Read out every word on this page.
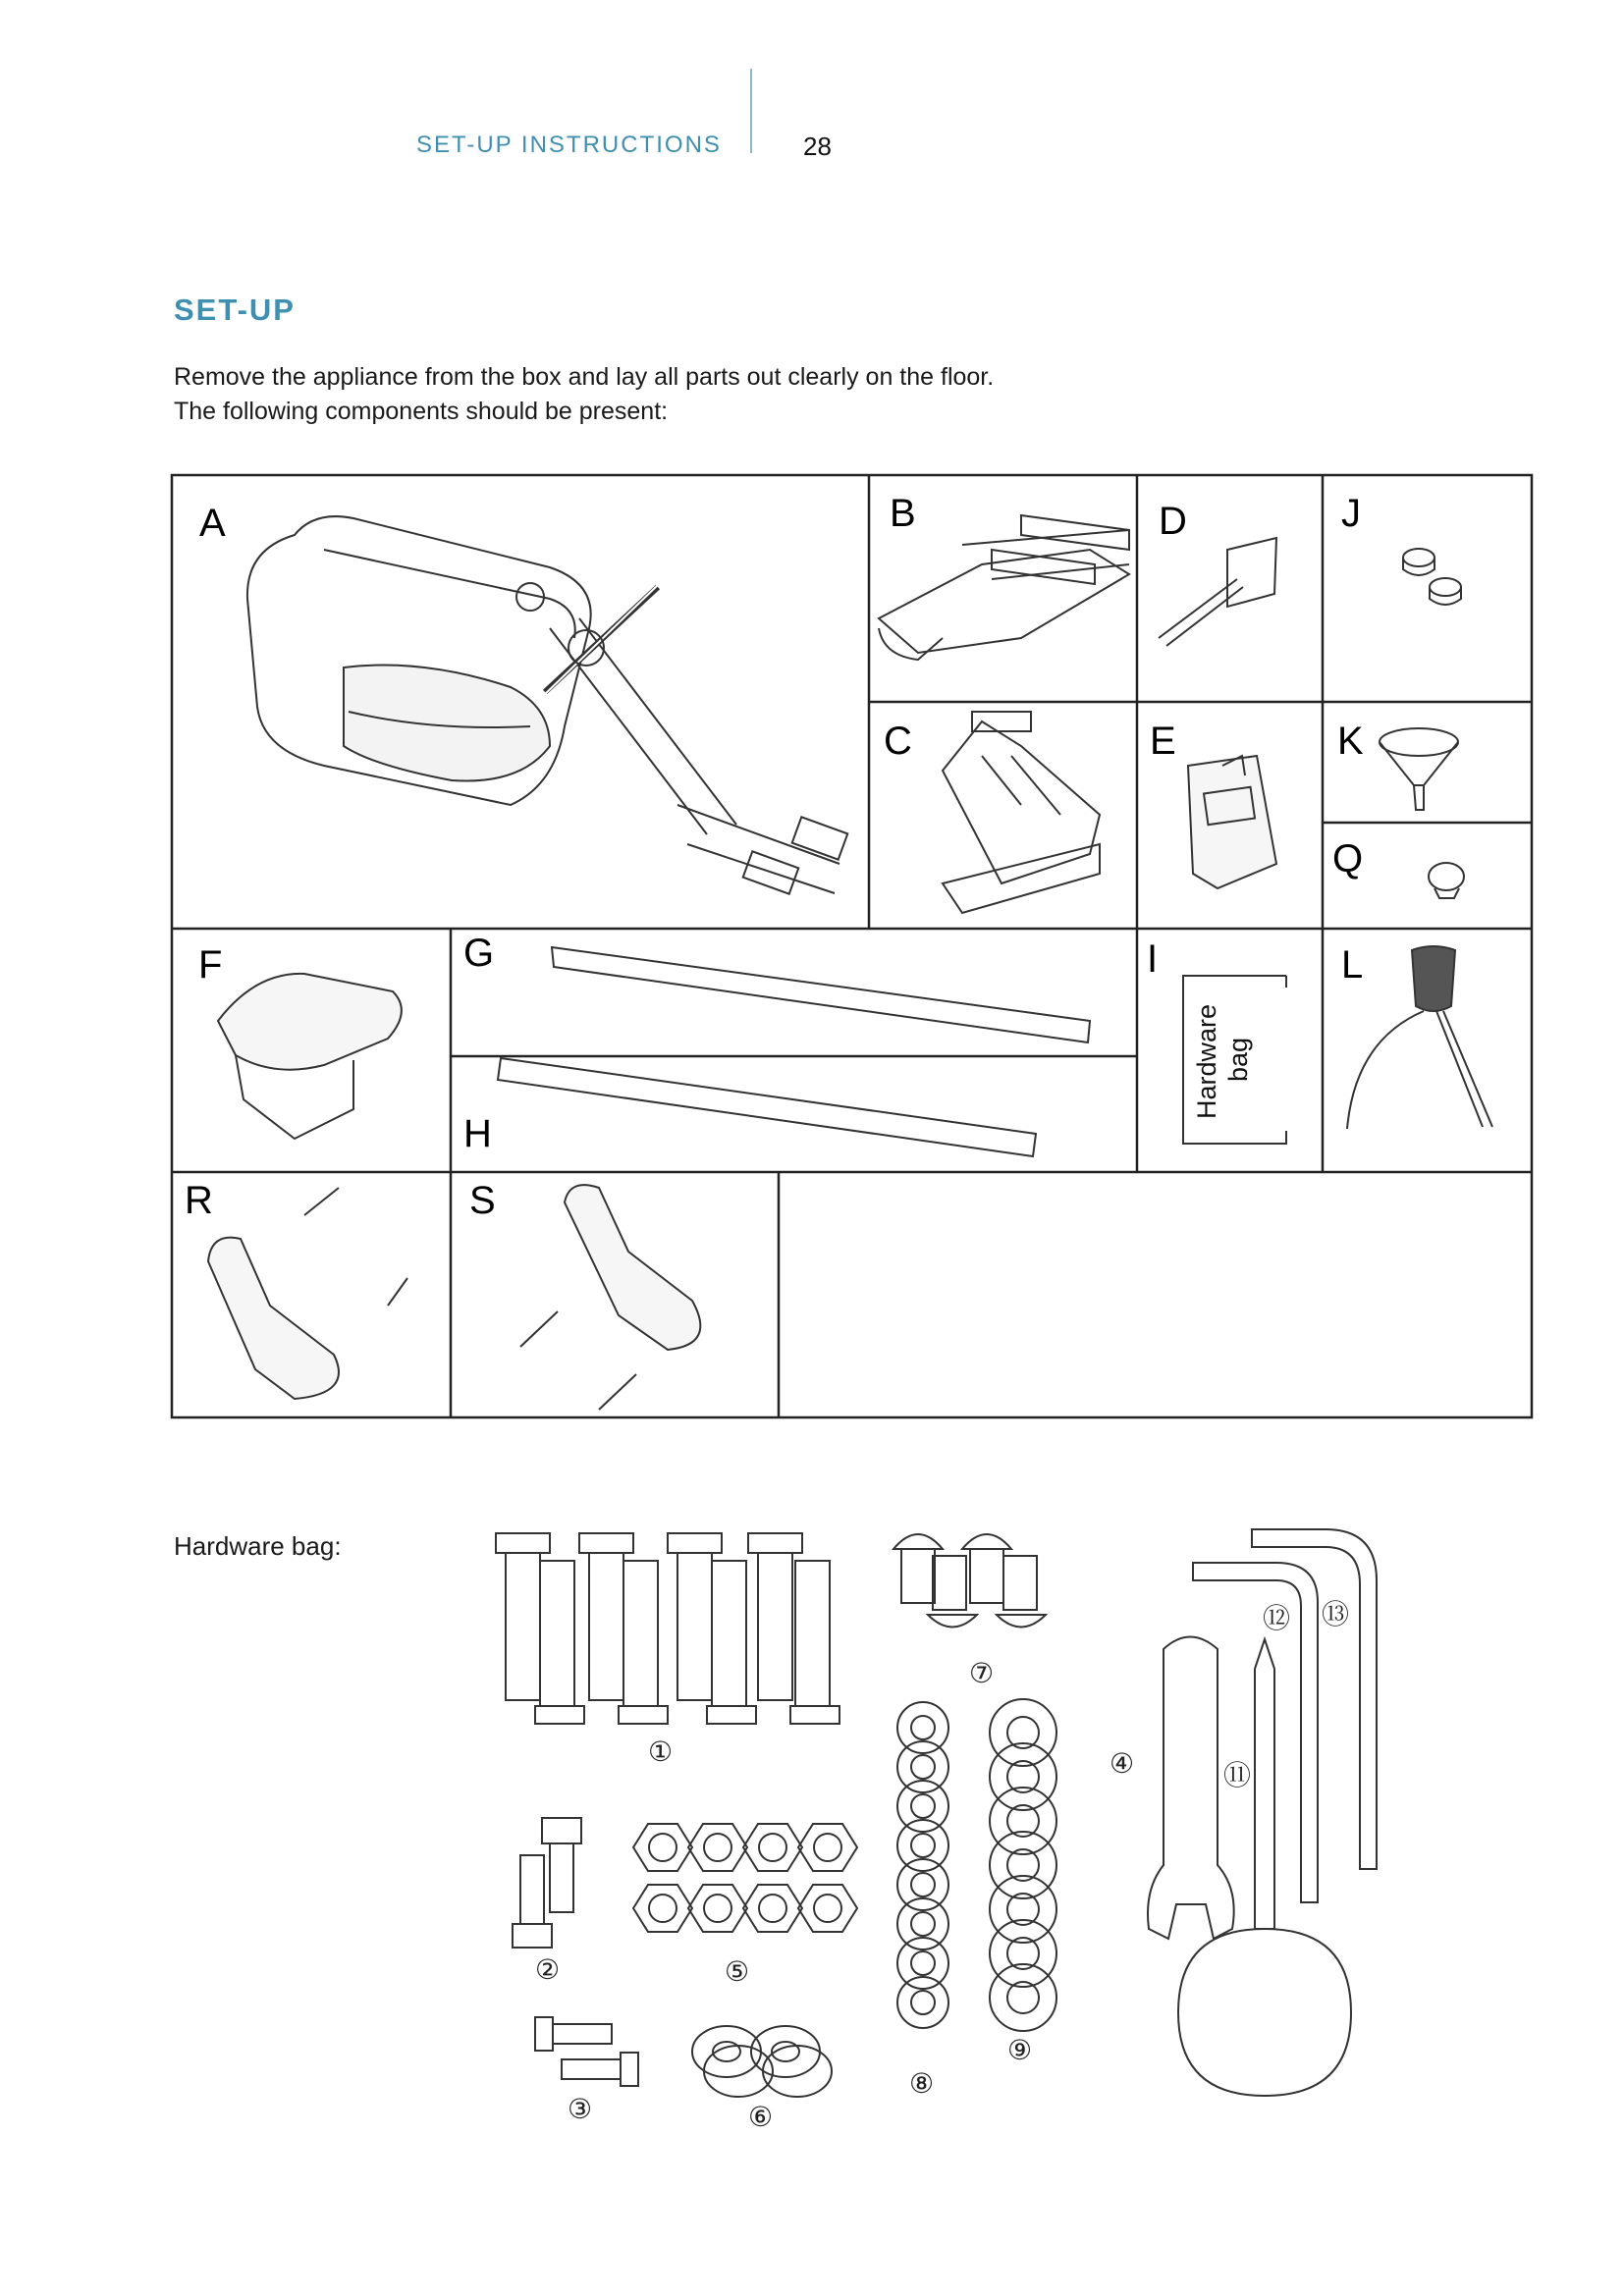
SET-UP INSTRUCTIONS	28
SET-UP
Remove the appliance from the box and lay all parts out clearly on the floor.
The following components should be present:
A	B	D	J
C	E	K
Q
F	G
H
I
Hardware bag
L
R	S
①
⑦
②	⑤
③	⑥
⑧
⑨
④	⑪
⑫ ⑬
Hardware bag:
